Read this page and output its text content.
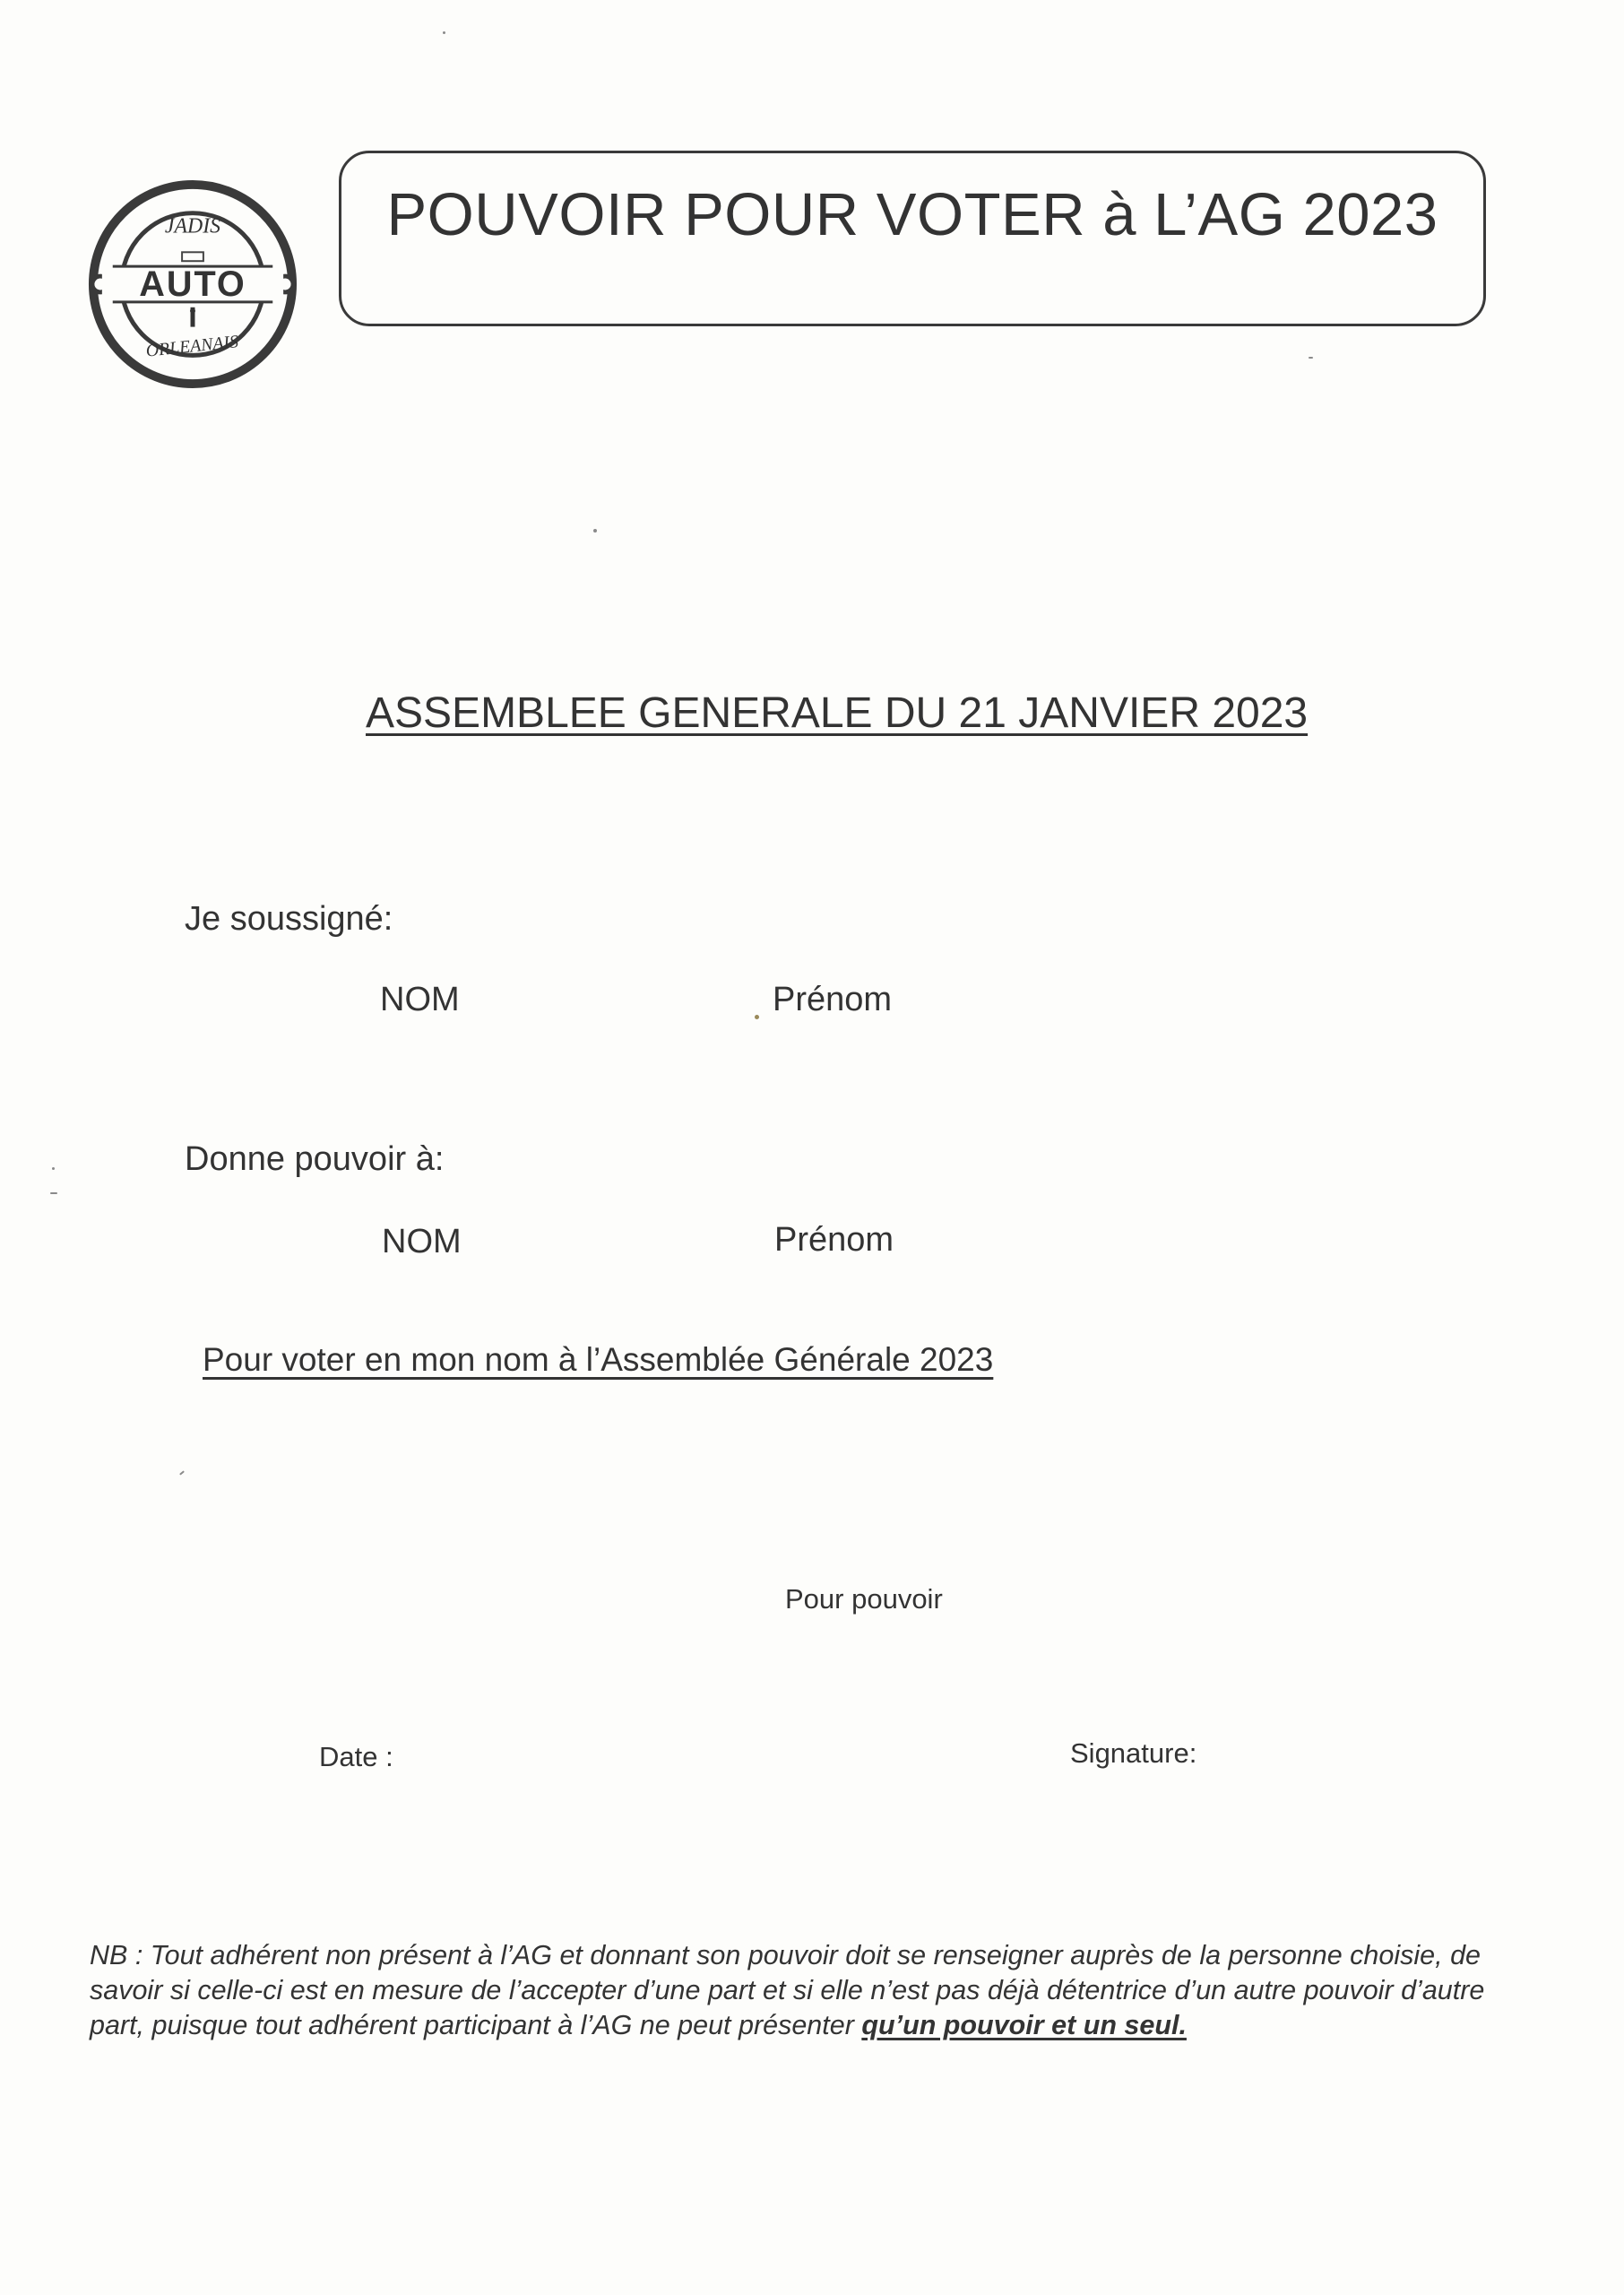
AUTO
JADIS
ORLEANAIS
POUVOIR POUR VOTER à L’AG 2023
ASSEMBLEE GENERALE DU 21 JANVIER 2023
Je soussigné:
NOM	Prénom
Donne pouvoir à:
NOM	Prénom
Pour voter en mon nom à l’Assemblée Générale 2023
Pour pouvoir
Date :	Signature:
NB : Tout adhérent non présent à l’AG et donnant son pouvoir doit se renseigner auprès de la personne choisie, de savoir si celle-ci est en mesure de l’accepter d’une part et si elle n’est pas déjà détentrice d’un autre pouvoir d’autre part, puisque tout adhérent participant à l’AG ne peut présenter qu’un pouvoir et un seul.
